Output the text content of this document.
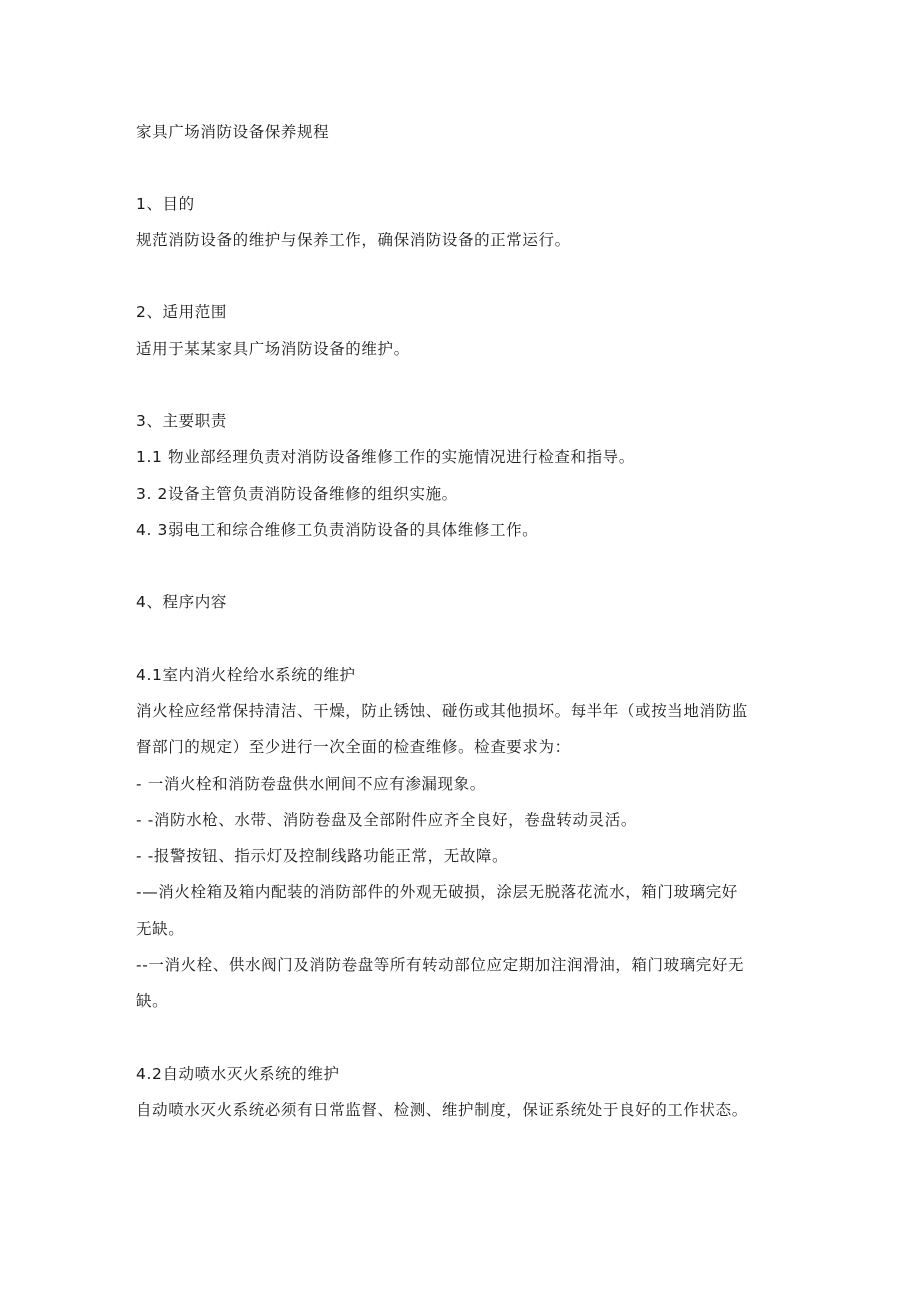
家具广场消防设备保养规程
1、目的
规范消防设备的维护与保养工作，确保消防设备的正常运行。
2、适用范围
适用于某某家具广场消防设备的维护。
3、主要职责
1.1 物业部经理负责对消防设备维修工作的实施情况进行检查和指导。
3. 2设备主管负责消防设备维修的组织实施。
4. 3弱电工和综合维修工负责消防设备的具体维修工作。
4、程序内容
4.1室内消火栓给水系统的维护
消火栓应经常保持清洁、干燥，防止锈蚀、碰伤或其他损坏。每半年（或按当地消防监
督部门的规定）至少进行一次全面的检查维修。检查要求为：
- 一消火栓和消防卷盘供水闸间不应有渗漏现象。
- -消防水枪、水带、消防卷盘及全部附件应齐全良好，卷盘转动灵活。
- -报警按钮、指示灯及控制线路功能正常，无故障。
-—消火栓箱及箱内配装的消防部件的外观无破损，涂层无脱落花流水，箱门玻璃完好
无缺。
--一消火栓、供水阀门及消防卷盘等所有转动部位应定期加注润滑油，箱门玻璃完好无
缺。
4.2自动喷水灭火系统的维护
自动喷水灭火系统必须有日常监督、检测、维护制度，保证系统处于良好的工作状态。
